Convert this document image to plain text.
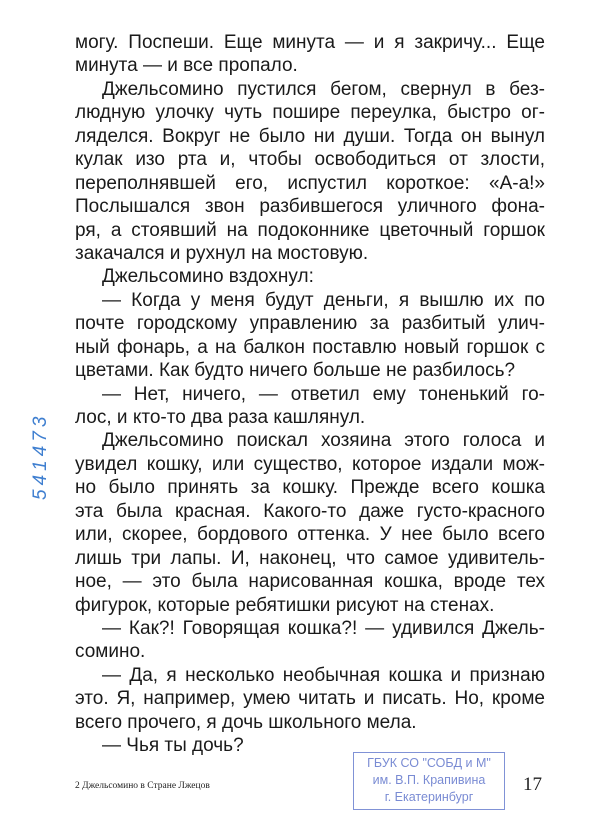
могу. Поспеши. Еще минута — и я закричу... Еще
минута — и все пропало.
Джельсомино пустился бегом, свернул в без-
людную улочку чуть пошире переулка, быстро ог-
ляделся. Вокруг не было ни души. Тогда он вынул
кулак изо рта и, чтобы освободиться от злости,
переполнявшей его, испустил короткое: «А-а!»
Послышался звон разбившегося уличного фона-
ря, а стоявший на подоконнике цветочный горшок
закачался и рухнул на мостовую.
Джельсомино вздохнул:
— Когда у меня будут деньги, я вышлю их по
почте городскому управлению за разбитый улич-
ный фонарь, а на балкон поставлю новый горшок с
цветами. Как будто ничего больше не разбилось?
— Нет, ничего, — ответил ему тоненький го-
лос, и кто-то два раза кашлянул.
Джельсомино поискал хозяина этого голоса и
увидел кошку, или существо, которое издали мож-
но было принять за кошку. Прежде всего кошка
эта была красная. Какого-то даже густо-красного
или, скорее, бордового оттенка. У нее было всего
лишь три лапы. И, наконец, что самое удивитель-
ное, — это была нарисованная кошка, вроде тех
фигурок, которые ребятишки рисуют на стенах.
— Как?! Говорящая кошка?! — удивился Джель-
сомино.
— Да, я несколько необычная кошка и признаю
это. Я, например, умею читать и писать. Но, кроме
всего прочего, я дочь школьного мела.
— Чья ты дочь?
541473
2 Джельсомино в Стране Лжецов
ГБУК СО "СОБД и М"
им. В.П. Крапивина
г. Екатеринбург
17
